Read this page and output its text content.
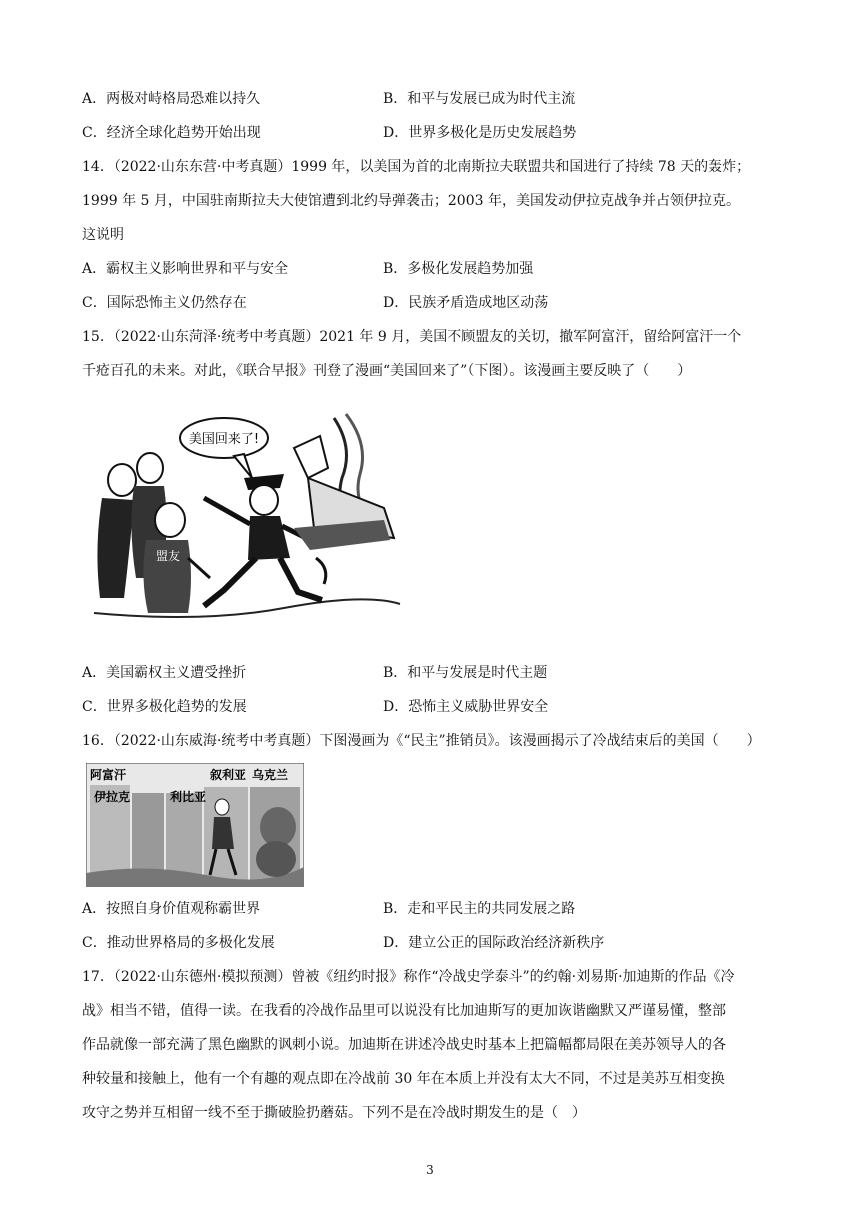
A．两极对峙格局恐难以持久	B．和平与发展已成为时代主流
C．经济全球化趋势开始出现	D．世界多极化是历史发展趋势
14．（2022·山东东营·中考真题）1999 年，以美国为首的北南斯拉夫联盟共和国进行了持续 78 天的轰炸；
1999 年 5 月，中国驻南斯拉夫大使馆遭到北约导弹袭击；2003 年，美国发动伊拉克战争并占领伊拉克。
这说明
A．霸权主义影响世界和平与安全	B．多极化发展趋势加强
C．国际恐怖主义仍然存在	D．民族矛盾造成地区动荡
15．（2022·山东菏泽·统考中考真题）2021 年 9 月，美国不顾盟友的关切，撤军阿富汗，留给阿富汗一个
千疮百孔的未来。对此，《联合早报》刊登了漫画“美国回来了”（下图）。该漫画主要反映了（　　）
盟友
美国回来了!
A．美国霸权主义遭受挫折	B．和平与发展是时代主题
C．世界多极化趋势的发展	D．恐怖主义威胁世界安全
16．（2022·山东威海·统考中考真题）下图漫画为《“民主”推销员》。该漫画揭示了冷战结束后的美国（　　）
阿富汗	叙利亚 乌克兰
伊拉克	利比亚
A．按照自身价值观称霸世界	B．走和平民主的共同发展之路
C．推动世界格局的多极化发展	D．建立公正的国际政治经济新秩序
17．（2022·山东德州·模拟预测）曾被《纽约时报》称作“冷战史学泰斗”的约翰·刘易斯·加迪斯的作品《冷
战》相当不错，值得一读。在我看的冷战作品里可以说没有比加迪斯写的更加诙谐幽默又严谨易懂，整部
作品就像一部充满了黑色幽默的讽刺小说。加迪斯在讲述冷战史时基本上把篇幅都局限在美苏领导人的各
种较量和接触上，他有一个有趣的观点即在冷战前 30 年在本质上并没有太大不同，不过是美苏互相变换
攻守之势并互相留一线不至于撕破脸扔蘑菇。下列不是在冷战时期发生的是（　）
3
